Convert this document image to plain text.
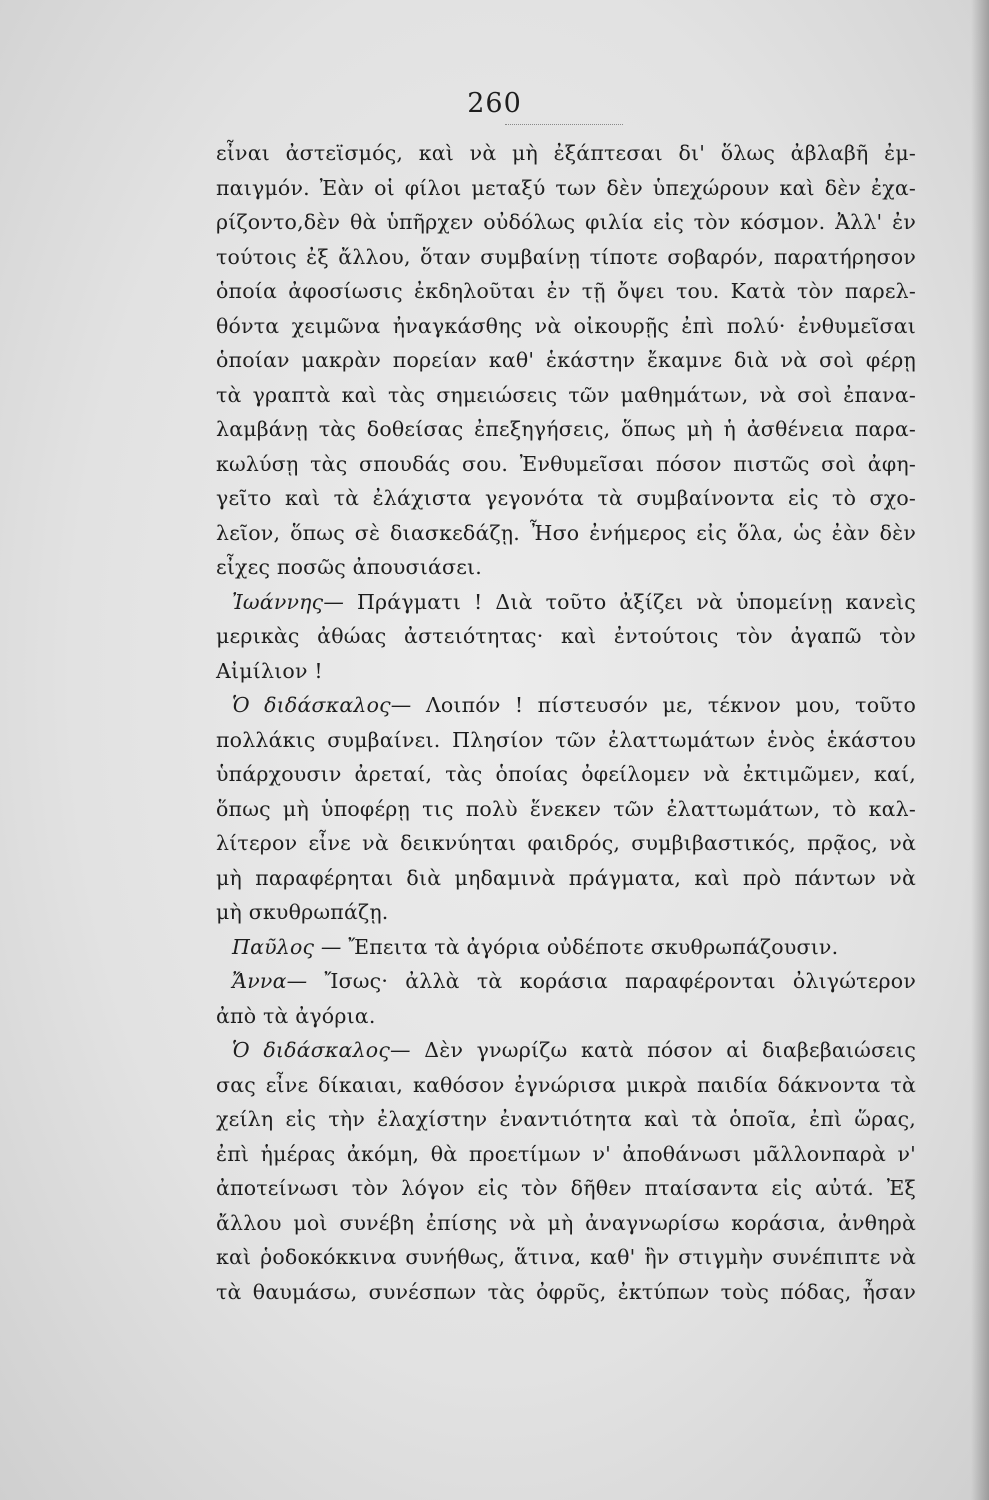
260
εἶναι ἀστεϊσμός, καὶ νὰ μὴ ἐξάπτεσαι δι' ὅλως ἀβλαβῆ ἐμ-
παιγμόν. Ἐὰν οἱ φίλοι μεταξύ των δὲν ὑπεχώρουν καὶ δὲν ἐχα-
ρίζοντο,δὲν θὰ ὑπῆρχεν οὐδόλως φιλία εἰς τὸν κόσμον. Ἀλλ' ἐν
τούτοις ἐξ ἄλλου, ὅταν συμβαίνῃ τίποτε σοβαρόν, παρατήρησον
ὁποία ἀφοσίωσις ἐκδηλοῦται ἐν τῇ ὄψει του. Κατὰ τὸν παρελ-
θόντα χειμῶνα ἠναγκάσθης νὰ οἰκουρῇς ἐπὶ πολύ· ἐνθυμεῖσαι
ὁποίαν μακρὰν πορείαν καθ' ἑκάστην ἔκαμνε διὰ νὰ σοὶ φέρῃ
τὰ γραπτὰ καὶ τὰς σημειώσεις τῶν μαθημάτων, νὰ σοὶ ἐπανα-
λαμβάνῃ τὰς δοθείσας ἐπεξηγήσεις, ὅπως μὴ ἡ ἀσθένεια παρα-
κωλύσῃ τὰς σπουδάς σου. Ἐνθυμεῖσαι πόσον πιστῶς σοὶ ἀφη-
γεῖτο καὶ τὰ ἐλάχιστα γεγονότα τὰ συμβαίνοντα εἰς τὸ σχο-
λεῖον, ὅπως σὲ διασκεδάζῃ. Ἦσο ἐνήμερος εἰς ὅλα, ὡς ἐὰν δὲν
εἶχες ποσῶς ἀπουσιάσει.
Ἰωάννης— Πράγματι ! Διὰ τοῦτο ἀξίζει νὰ ὑπομείνῃ κανεὶς
μερικὰς ἀθώας ἀστειότητας· καὶ ἐντούτοις τὸν ἀγαπῶ τὸν
Αἰμίλιον !
Ὁ διδάσκαλος— Λοιπόν ! πίστευσόν με, τέκνον μου, τοῦτο
πολλάκις συμβαίνει. Πλησίον τῶν ἐλαττωμάτων ἑνὸς ἑκάστου
ὑπάρχουσιν ἀρεταί, τὰς ὁποίας ὀφείλομεν νὰ ἐκτιμῶμεν, καί,
ὅπως μὴ ὑποφέρῃ τις πολὺ ἕνεκεν τῶν ἐλαττωμάτων, τὸ καλ-
λίτερον εἶνε νὰ δεικνύηται φαιδρός, συμβιβαστικός, πρᾷος, νὰ
μὴ παραφέρηται διὰ μηδαμινὰ πράγματα, καὶ πρὸ πάντων νὰ
μὴ σκυθρωπάζῃ.
Παῦλος — Ἔπειτα τὰ ἀγόρια οὐδέποτε σκυθρωπάζουσιν.
Ἄννα— Ἴσως· ἀλλὰ τὰ κοράσια παραφέρονται ὀλιγώτερον
ἀπὸ τὰ ἀγόρια.
Ὁ διδάσκαλος— Δὲν γνωρίζω κατὰ πόσον αἱ διαβεβαιώσεις
σας εἶνε δίκαιαι, καθόσον ἐγνώρισα μικρὰ παιδία δάκνοντα τὰ
χείλη εἰς τὴν ἐλαχίστην ἐναντιότητα καὶ τὰ ὁποῖα, ἐπὶ ὥρας,
ἐπὶ ἡμέρας ἀκόμη, θὰ προετίμων ν' ἀποθάνωσι μᾶλλονπαρὰ ν'
ἀποτείνωσι τὸν λόγον εἰς τὸν δῆθεν πταίσαντα εἰς αὐτά. Ἐξ
ἄλλου μοὶ συνέβη ἐπίσης νὰ μὴ ἀναγνωρίσω κοράσια, ἀνθηρὰ
καὶ ῥοδοκόκκινα συνήθως, ἅτινα, καθ' ἣν στιγμὴν συνέπιπτε νὰ
τὰ θαυμάσω, συνέσπων τὰς ὀφρῦς, ἐκτύπων τοὺς πόδας, ἦσαν
